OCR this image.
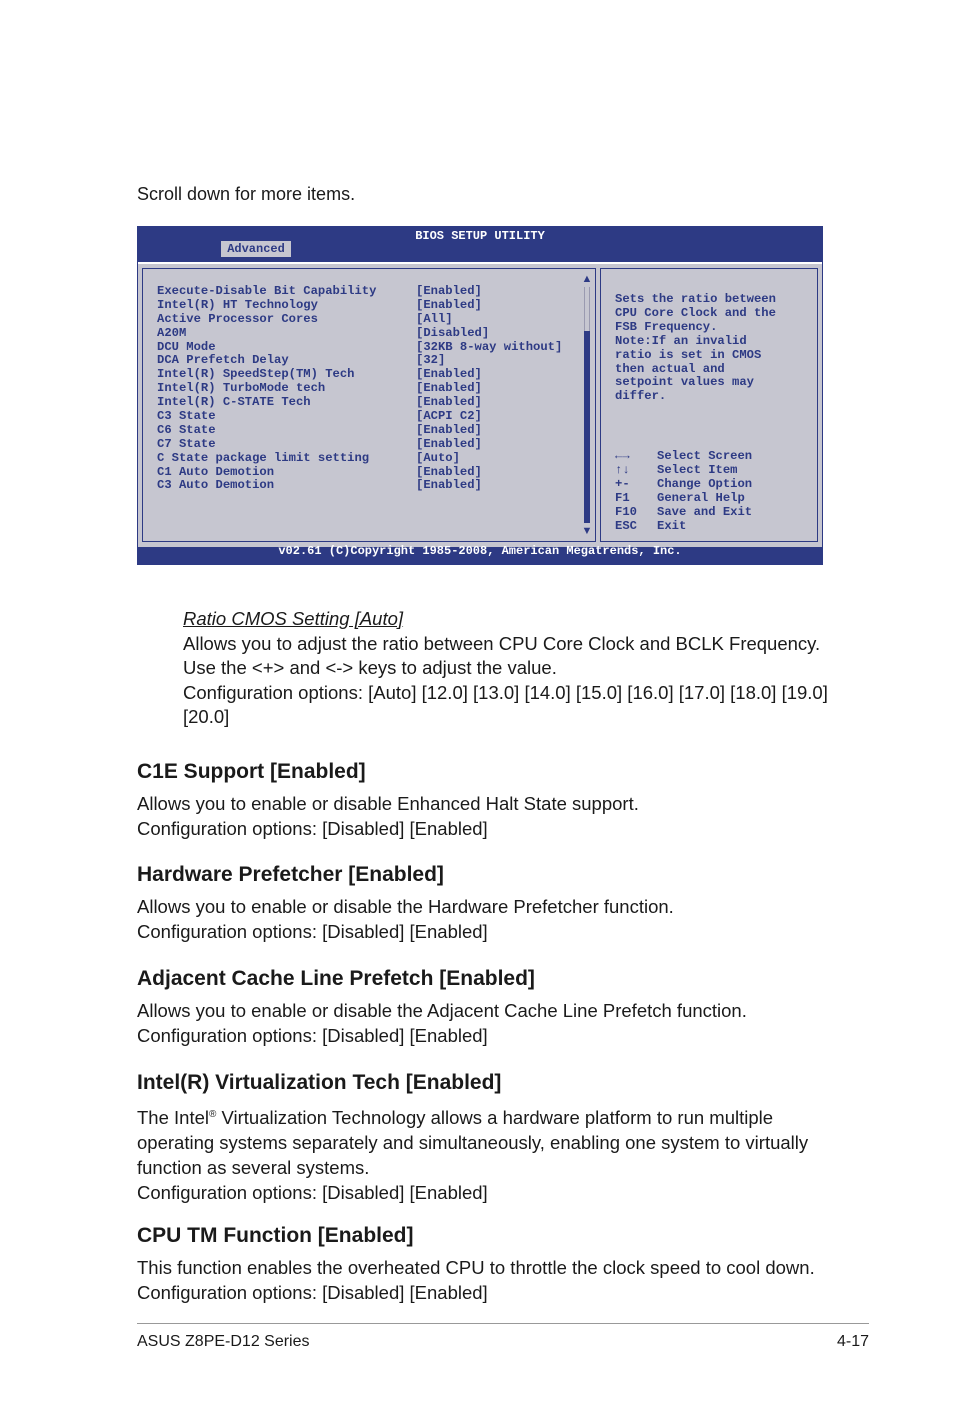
Scroll down for more items.
BIOS SETUP UTILITY
Advanced
Execute-Disable Bit Capability	[Enabled]
Intel(R) HT Technology	[Enabled]
Active Processor Cores	[All]
A20M	[Disabled]
DCU Mode	[32KB 8-way without]
DCA Prefetch Delay	[32]
Intel(R) SpeedStep(TM) Tech	[Enabled]
Intel(R) TurboMode tech	[Enabled]
Intel(R) C-STATE Tech	[Enabled]
C3 State	[ACPI C2]
C6 State	[Enabled]
C7 State	[Enabled]
C State package limit setting	[Auto]
C1 Auto Demotion	[Enabled]
C3 Auto Demotion	[Enabled]
▲
▼
Sets the ratio between
CPU Core Clock and the
FSB Frequency.
Note:If an invalid
ratio is set in CMOS
then actual and
setpoint values may
differ.
←→	Select Screen
↑↓	Select Item
+-	Change Option
F1	General Help
F10	Save and Exit
ESC	Exit
v02.61 (C)Copyright 1985-2008, American Megatrends, Inc.
Ratio CMOS Setting [Auto]
Allows you to adjust the ratio between CPU Core Clock and BCLK Frequency.
Use the <+> and <-> keys to adjust the value.
Configuration options: [Auto] [12.0] [13.0] [14.0] [15.0] [16.0] [17.0] [18.0] [19.0] [20.0]
C1E Support [Enabled]

Allows you to enable or disable Enhanced Halt State support.

Configuration options: [Disabled] [Enabled]

Hardware Prefetcher [Enabled]

Allows you to enable or disable the Hardware Prefetcher function.

Configuration options: [Disabled] [Enabled]

Adjacent Cache Line Prefetch [Enabled]

Allows you to enable or disable the Adjacent Cache Line Prefetch function.

Configuration options: [Disabled] [Enabled]

Intel(R) Virtualization Tech [Enabled]

The Intel® Virtualization Technology allows a hardware platform to run multiple operating systems separately and simultaneously, enabling one system to virtually function as several systems.

Configuration options: [Disabled] [Enabled]

CPU TM Function [Enabled]

This function enables the overheated CPU to throttle the clock speed to cool down.

Configuration options: [Disabled] [Enabled]

ASUS Z8PE-D12 Series	4-17
